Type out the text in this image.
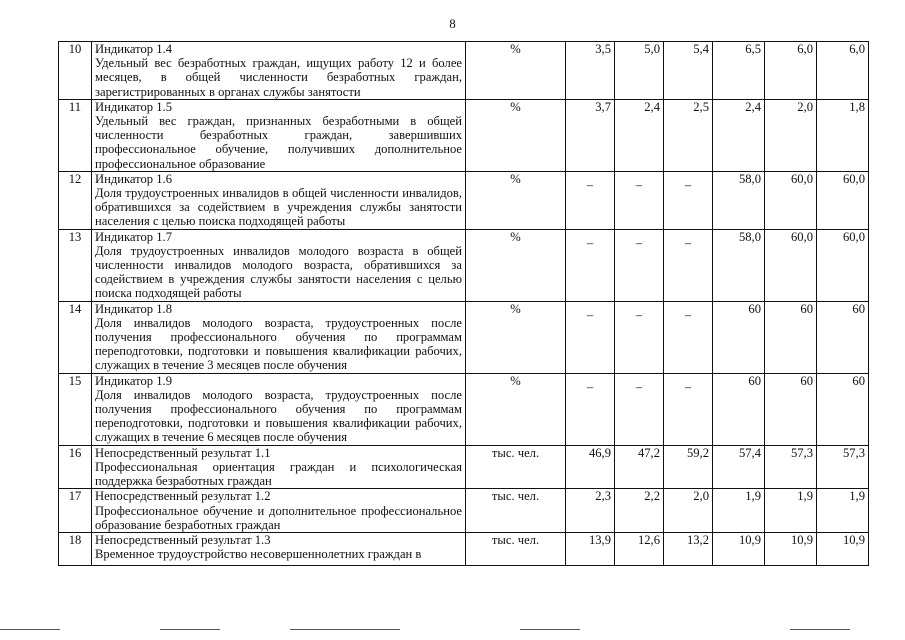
8
10	Индикатор 1.4
Удельный вес безработных граждан, ищущих работу 12 и более месяцев, в общей численности безработных граждан, зарегистрированных в органах службы занятости	%	3,5	5,0	5,4	6,5	6,0	6,0
11	Индикатор 1.5
Удельный вес граждан, признанных безработными в общей численности безработных граждан, завершивших профессиональное обучение, получивших дополнительное профессиональное образование	%	3,7	2,4	2,5	2,4	2,0	1,8
12	Индикатор 1.6
Доля трудоустроенных инвалидов в общей численности инвалидов, обратившихся за содействием в учреждения службы занятости населения с целью поиска подходящей работы	%	–	–	–	58,0	60,0	60,0
13	Индикатор 1.7
Доля трудоустроенных инвалидов молодого возраста в общей численности инвалидов молодого возраста, обратившихся за содействием в учреждения службы занятости населения с целью поиска подходящей работы	%	–	–	–	58,0	60,0	60,0
14	Индикатор 1.8
Доля инвалидов молодого возраста, трудоустроенных после получения профессионального обучения по программам переподготовки, подготовки и повышения квалификации рабочих, служащих в течение 3 месяцев после обучения	%	–	–	–	60	60	60
15	Индикатор 1.9
Доля инвалидов молодого возраста, трудоустроенных после получения профессионального обучения по программам переподготовки, подготовки и повышения квалификации рабочих, служащих в течение 6 месяцев после обучения	%	–	–	–	60	60	60
16	Непосредственный результат 1.1
Профессиональная ориентация граждан и психологическая поддержка безработных граждан	тыс. чел.	46,9	47,2	59,2	57,4	57,3	57,3
17	Непосредственный результат 1.2
Профессиональное обучение и дополнительное профессиональное образование безработных граждан	тыс. чел.	2,3	2,2	2,0	1,9	1,9	1,9
18	Непосредственный результат 1.3
Временное трудоустройство несовершеннолетних граждан в	тыс. чел.	13,9	12,6	13,2	10,9	10,9	10,9
